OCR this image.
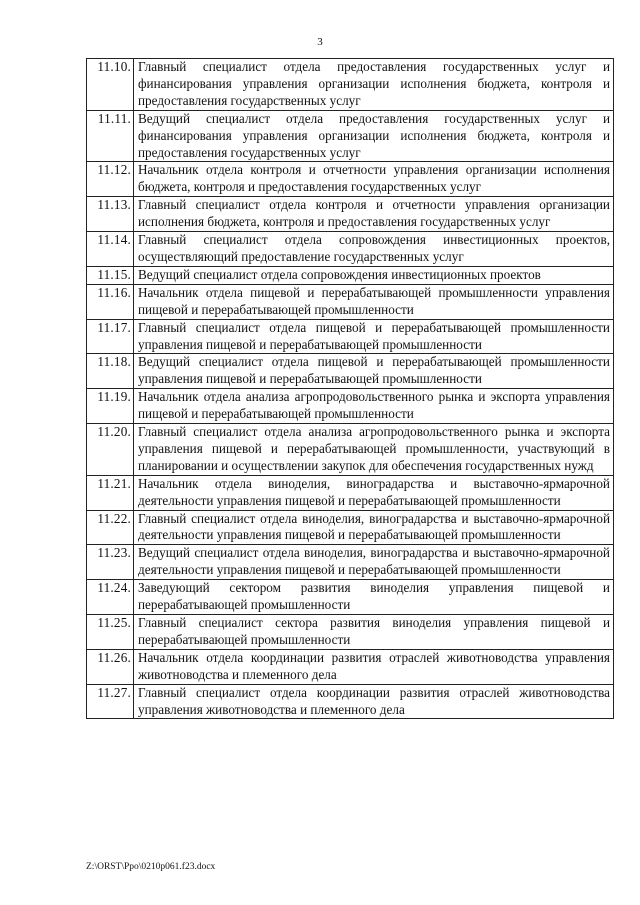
3
11.10.	Главный специалист отдела предоставления государственных услуг и финансирования управления организации исполнения бюджета, контроля и предоставления государственных услуг
11.11.	Ведущий специалист отдела предоставления государственных услуг и финансирования управления организации исполнения бюджета, контроля и предоставления государственных услуг
11.12.	Начальник отдела контроля и отчетности управления организации исполнения бюджета, контроля и предоставления государственных услуг
11.13.	Главный специалист отдела контроля и отчетности управления организации исполнения бюджета, контроля и предоставления государственных услуг
11.14.	Главный специалист отдела сопровождения инвестиционных проектов, осуществляющий предоставление государственных услуг
11.15.	Ведущий специалист отдела сопровождения инвестиционных проектов
11.16.	Начальник отдела пищевой и перерабатывающей промышленности управления пищевой и перерабатывающей промышленности
11.17.	Главный специалист отдела пищевой и перерабатывающей промышленности управления пищевой и перерабатывающей промышленности
11.18.	Ведущий специалист отдела пищевой и перерабатывающей промышленности управления пищевой и перерабатывающей промышленности
11.19.	Начальник отдела анализа агропродовольственного рынка и экспорта управления пищевой и перерабатывающей промышленности
11.20.	Главный специалист отдела анализа агропродовольственного рынка и экспорта управления пищевой и перерабатывающей промышленности, участвующий в планировании и осуществлении закупок для обеспечения государственных нужд
11.21.	Начальник отдела виноделия, виноградарства и выставочно-ярмарочной деятельности управления пищевой и перерабатывающей промышленности
11.22.	Главный специалист отдела виноделия, виноградарства и выставочно-ярмарочной деятельности управления пищевой и перерабатывающей промышленности
11.23.	Ведущий специалист отдела виноделия, виноградарства и выставочно-ярмарочной деятельности управления пищевой и перерабатывающей промышленности
11.24.	Заведующий сектором развития виноделия управления пищевой и перерабатывающей промышленности
11.25.	Главный специалист сектора развития виноделия управления пищевой и перерабатывающей промышленности
11.26.	Начальник отдела координации развития отраслей животноводства управления животноводства и племенного дела
11.27.	Главный специалист отдела координации развития отраслей животноводства управления животноводства и племенного дела
Z:\ORST\Ppo\0210p061.f23.docx
